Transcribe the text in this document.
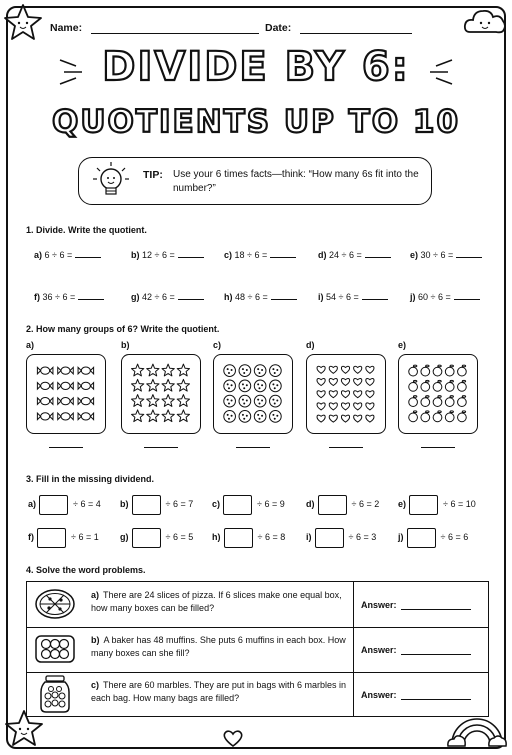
Name:	Date:
DIVIDE BY 6:
QUOTIENTS UP TO 10
TIP: Use your 6 times facts—think: “How many 6s fit into the number?”
1. Divide. Write the quotient.
a) 6 ÷ 6 =	b) 12 ÷ 6 =	c) 18 ÷ 6 =	d) 24 ÷ 6 =	e) 30 ÷ 6 =
f) 36 ÷ 6 =	g) 42 ÷ 6 =	h) 48 ÷ 6 =	i) 54 ÷ 6 =	j) 60 ÷ 6 =
2. How many groups of 6? Write the quotient.
a)	b)	c)	d)	e)
3. Fill in the missing dividend.
a)	÷ 6 = 4 b)	÷ 6 = 7 c)	÷ 6 = 9 d)	÷ 6 = 2 e)	÷ 6 = 10
f)	÷ 6 = 1 g)	÷ 6 = 5 h)	÷ 6 = 8 i)	÷ 6 = 3 j)	÷ 6 = 6
4. Solve the word problems.
a) There are 24 slices of pizza. If 6 slices make one equal box, how many boxes can be filled?	Answer:
b) A baker has 48 muffins. She puts 6 muffins in each box. How many boxes can she fill?	Answer:
c) There are 60 marbles. They are put in bags with 6 marbles in each bag. How many bags are filled?	Answer:
